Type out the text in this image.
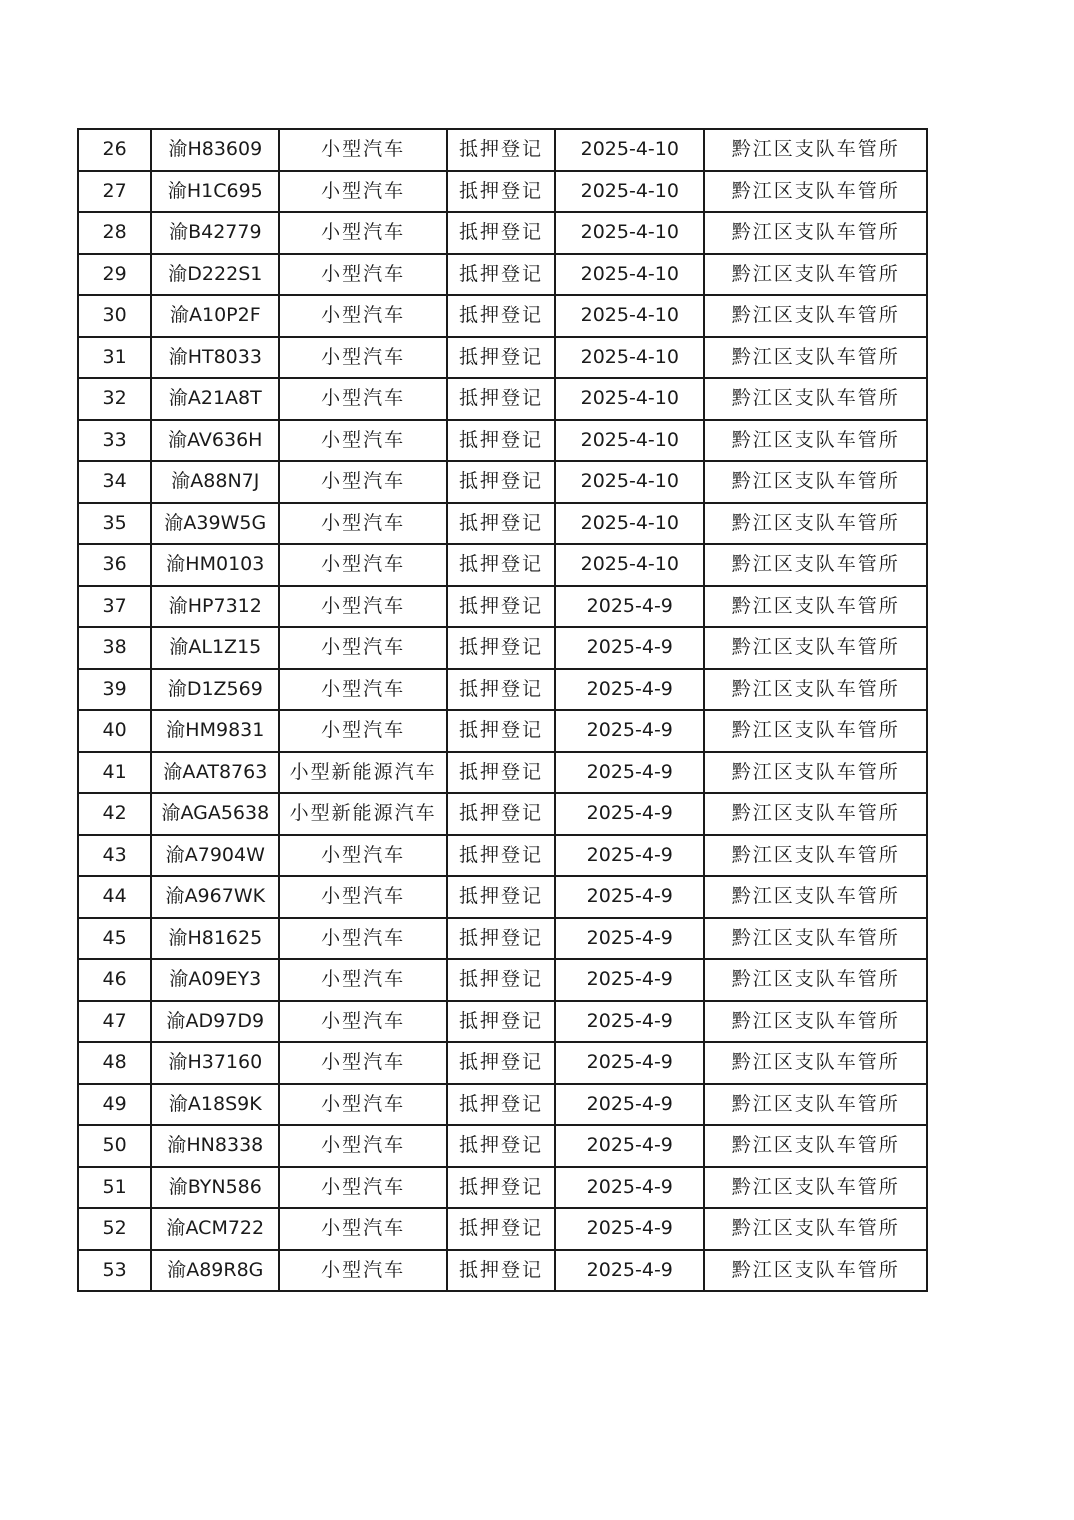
26	渝H83609	小型汽车	抵押登记	2025-4-10	黔江区支队车管所
27	渝H1C695	小型汽车	抵押登记	2025-4-10	黔江区支队车管所
28	渝B42779	小型汽车	抵押登记	2025-4-10	黔江区支队车管所
29	渝D222S1	小型汽车	抵押登记	2025-4-10	黔江区支队车管所
30	渝A10P2F	小型汽车	抵押登记	2025-4-10	黔江区支队车管所
31	渝HT8033	小型汽车	抵押登记	2025-4-10	黔江区支队车管所
32	渝A21A8T	小型汽车	抵押登记	2025-4-10	黔江区支队车管所
33	渝AV636H	小型汽车	抵押登记	2025-4-10	黔江区支队车管所
34	渝A88N7J	小型汽车	抵押登记	2025-4-10	黔江区支队车管所
35	渝A39W5G	小型汽车	抵押登记	2025-4-10	黔江区支队车管所
36	渝HM0103	小型汽车	抵押登记	2025-4-10	黔江区支队车管所
37	渝HP7312	小型汽车	抵押登记	2025-4-9	黔江区支队车管所
38	渝AL1Z15	小型汽车	抵押登记	2025-4-9	黔江区支队车管所
39	渝D1Z569	小型汽车	抵押登记	2025-4-9	黔江区支队车管所
40	渝HM9831	小型汽车	抵押登记	2025-4-9	黔江区支队车管所
41	渝AAT8763	小型新能源汽车	抵押登记	2025-4-9	黔江区支队车管所
42	渝AGA5638	小型新能源汽车	抵押登记	2025-4-9	黔江区支队车管所
43	渝A7904W	小型汽车	抵押登记	2025-4-9	黔江区支队车管所
44	渝A967WK	小型汽车	抵押登记	2025-4-9	黔江区支队车管所
45	渝H81625	小型汽车	抵押登记	2025-4-9	黔江区支队车管所
46	渝A09EY3	小型汽车	抵押登记	2025-4-9	黔江区支队车管所
47	渝AD97D9	小型汽车	抵押登记	2025-4-9	黔江区支队车管所
48	渝H37160	小型汽车	抵押登记	2025-4-9	黔江区支队车管所
49	渝A18S9K	小型汽车	抵押登记	2025-4-9	黔江区支队车管所
50	渝HN8338	小型汽车	抵押登记	2025-4-9	黔江区支队车管所
51	渝BYN586	小型汽车	抵押登记	2025-4-9	黔江区支队车管所
52	渝ACM722	小型汽车	抵押登记	2025-4-9	黔江区支队车管所
53	渝A89R8G	小型汽车	抵押登记	2025-4-9	黔江区支队车管所
